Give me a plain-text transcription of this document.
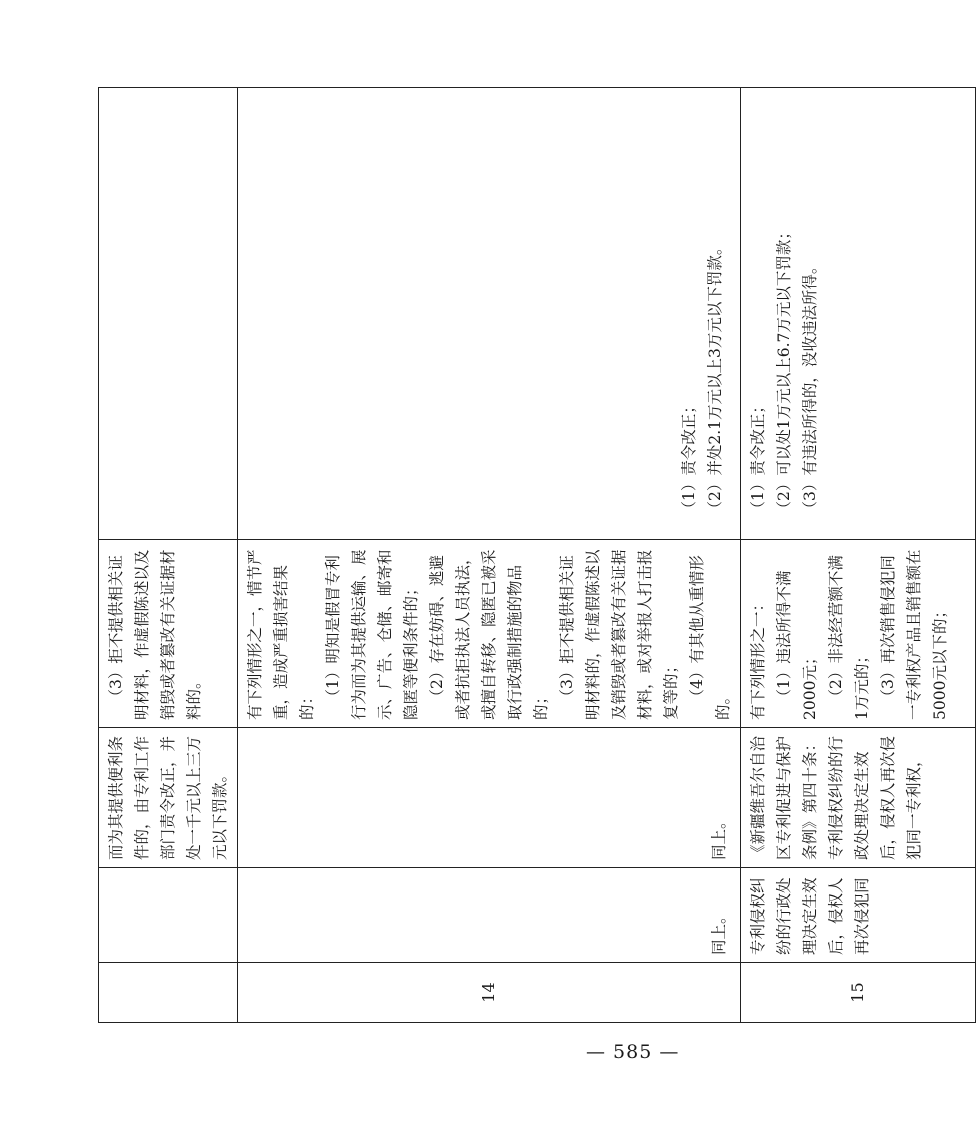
		而为其提供便利条件的，由专利工作部门责令改正，并处一千元以上三万元以下罚款。	（3）拒不提供相关证明材料，作虚假陈述以及销毁或者篡改有关证据材料的。	

14	同上。	同上。	有下列情形之一，情节严重，造成严重损害结果的： （1）明知是假冒专利行为而为其提供运输、展示、广告、仓储、邮寄和隐匿等便利条件的； （2）存在妨碍、逃避或者抗拒执法人员执法，或擅自转移、隐匿已被采取行政强制措施的物品的； （3）拒不提供相关证明材料的，作虚假陈述以及销毁或者篡改有关证据材料，或对举报人打击报复等的； （4）有其他从重情形的。	（1）责令改正； （2）并处2.1万元以上3万元以下罚款。

15	专利侵权纠纷的行政处理决定生效后，侵权人再次侵犯同	《新疆维吾尔自治区专利促进与保护条例》第四十条：专利侵权纠纷的行政处理决定生效后，侵权人再次侵犯同一专利权，	有下列情形之一： （1）违法所得不满2000元； （2）非法经营额不满1万元的； （3）再次销售侵犯同一专利权产品且销售额在5000元以下的；	（1）责令改正； （2）可以处1万元以上6.7万元以下罚款； （3）有违法所得的，没收违法所得。
— 585 —
